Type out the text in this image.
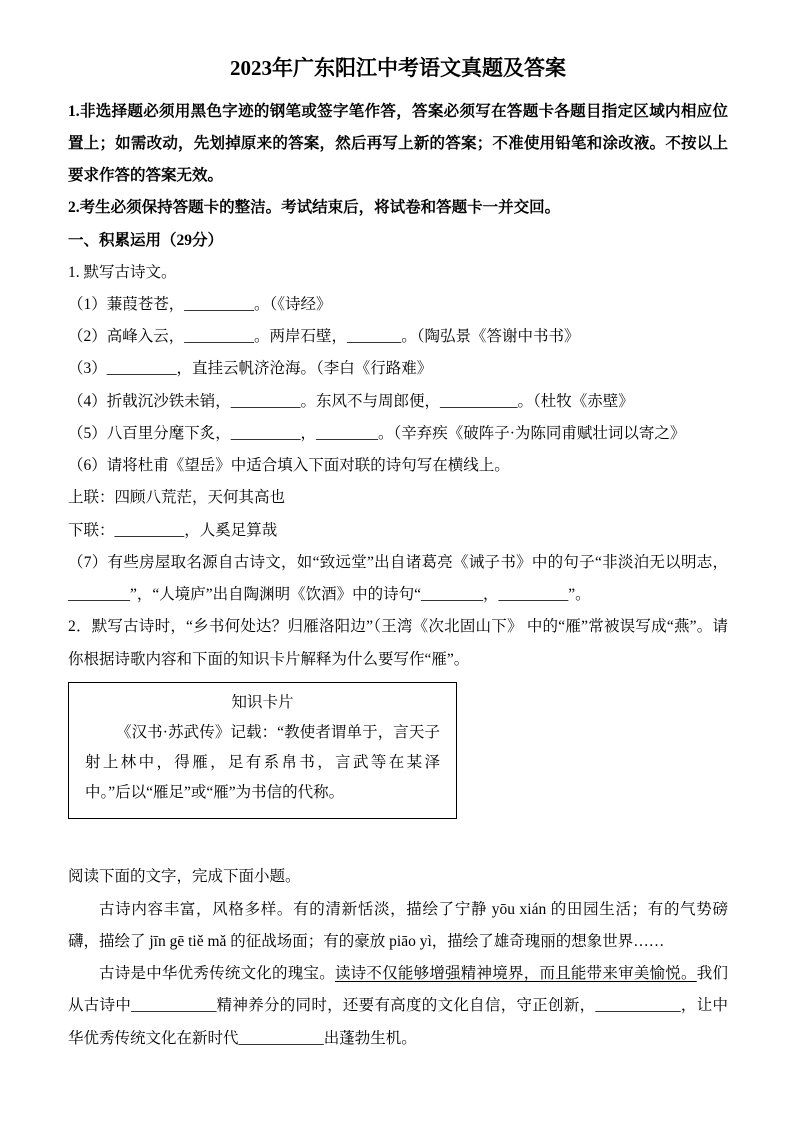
2023年广东阳江中考语文真题及答案

1.非选择题必须用黑色字迹的钢笔或签字笔作答，答案必须写在答题卡各题目指定区域内相应位置上；如需改动，先划掉原来的答案，然后再写上新的答案；不准使用铅笔和涂改液。不按以上要求作答的答案无效。

2.考生必须保持答题卡的整洁。考试结束后，将试卷和答题卡一并交回。

一、积累运用（29分）

1. 默写古诗文。

（1）蒹葭苍苍，_________。（《诗经》

（2）高峰入云，_________。两岸石壁，_______。（陶弘景《答谢中书书》

（3）_________，直挂云帆济沧海。（李白《行路难》

（4）折戟沉沙铁未销，_________。东风不与周郎便，__________。（杜牧《赤壁》

（5）八百里分麾下炙，_________，________。（辛弃疾《破阵子·为陈同甫赋壮词以寄之》

（6）请将杜甫《望岳》中适合填入下面对联的诗句写在横线上。

上联：四顾八荒茫，天何其高也

下联：_________，人奚足算哉

（7）有些房屋取名源自古诗文，如“致远堂”出自诸葛亮《诫子书》中的句子“非淡泊无以明志，________”，“人境庐”出自陶渊明《饮酒》中的诗句“________，_________”。

2．默写古诗时，“乡书何处达？归雁洛阳边”（王湾《次北固山下》 中的“雁”常被误写成“燕”。请你根据诗歌内容和下面的知识卡片解释为什么要写作“雁”。

知识卡片

《汉书·苏武传》记载：“教使者谓单于，言天子射上林中，得雁，足有系帛书，言武等在某泽中。”后以“雁足”或“雁”为书信的代称。

阅读下面的文字，完成下面小题。

古诗内容丰富，风格多样。有的清新恬淡，描绘了宁静 yōu xián 的田园生活；有的气势磅礴，描绘了 jīn gē tiě mǎ 的征战场面；有的豪放 piāo yì，描绘了雄奇瑰丽的想象世界……

古诗是中华优秀传统文化的瑰宝。读诗不仅能够增强精神境界，而且能带来审美愉悦。我们从古诗中___________精神养分的同时，还要有高度的文化自信，守正创新，___________，让中华优秀传统文化在新时代___________出蓬勃生机。
